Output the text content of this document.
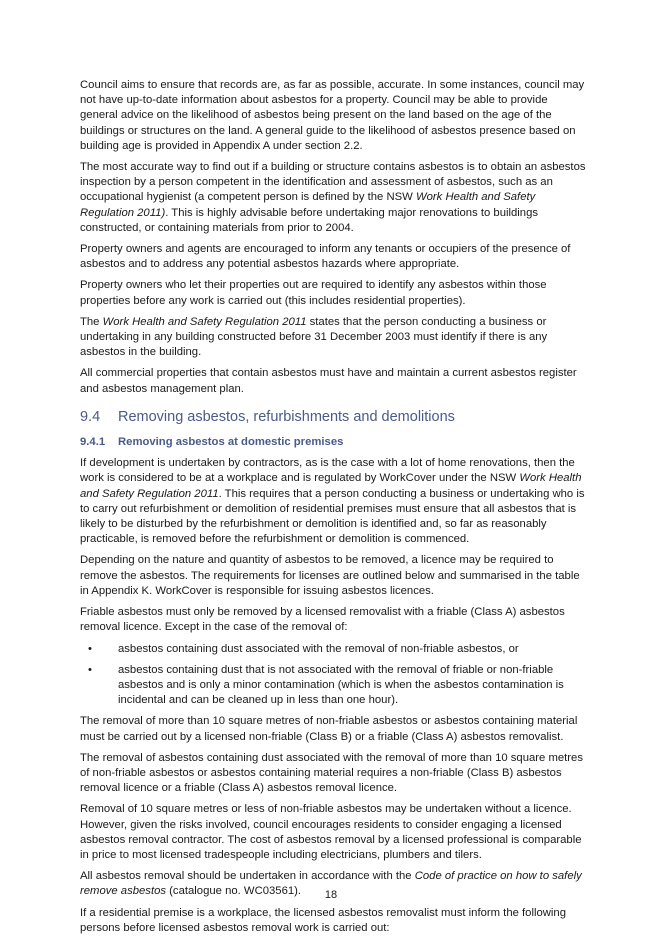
Council aims to ensure that records are, as far as possible, accurate. In some instances, council may not have up-to-date information about asbestos for a property. Council may be able to provide general advice on the likelihood of asbestos being present on the land based on the age of the buildings or structures on the land. A general guide to the likelihood of asbestos presence based on building age is provided in Appendix A under section 2.2.

The most accurate way to find out if a building or structure contains asbestos is to obtain an asbestos inspection by a person competent in the identification and assessment of asbestos, such as an occupational hygienist (a competent person is defined by the NSW Work Health and Safety Regulation 2011). This is highly advisable before undertaking major renovations to buildings constructed, or containing materials from prior to 2004.

Property owners and agents are encouraged to inform any tenants or occupiers of the presence of asbestos and to address any potential asbestos hazards where appropriate.

Property owners who let their properties out are required to identify any asbestos within those properties before any work is carried out (this includes residential properties).

The Work Health and Safety Regulation 2011 states that the person conducting a business or undertaking in any building constructed before 31 December 2003 must identify if there is any asbestos in the building.

All commercial properties that contain asbestos must have and maintain a current asbestos register and asbestos management plan.

9.4	Removing asbestos, refurbishments and demolitions
9.4.1	Removing asbestos at domestic premises

If development is undertaken by contractors, as is the case with a lot of home renovations, then the work is considered to be at a workplace and is regulated by WorkCover under the NSW Work Health and Safety Regulation 2011. This requires that a person conducting a business or undertaking who is to carry out refurbishment or demolition of residential premises must ensure that all asbestos that is likely to be disturbed by the refurbishment or demolition is identified and, so far as reasonably practicable, is removed before the refurbishment or demolition is commenced.

Depending on the nature and quantity of asbestos to be removed, a licence may be required to remove the asbestos. The requirements for licenses are outlined below and summarised in the table in Appendix K. WorkCover is responsible for issuing asbestos licences.

Friable asbestos must only be removed by a licensed removalist with a friable (Class A) asbestos removal licence. Except in the case of the removal of:

•	asbestos containing dust associated with the removal of non-friable asbestos, or
•	asbestos containing dust that is not associated with the removal of friable or non-friable asbestos and is only a minor contamination (which is when the asbestos contamination is incidental and can be cleaned up in less than one hour).

The removal of more than 10 square metres of non-friable asbestos or asbestos containing material must be carried out by a licensed non-friable (Class B) or a friable (Class A) asbestos removalist.

The removal of asbestos containing dust associated with the removal of more than 10 square metres of non-friable asbestos or asbestos containing material requires a non-friable (Class B) asbestos removal licence or a friable (Class A) asbestos removal licence.

Removal of 10 square metres or less of non-friable asbestos may be undertaken without a licence. However, given the risks involved, council encourages residents to consider engaging a licensed asbestos removal contractor. The cost of asbestos removal by a licensed professional is comparable in price to most licensed tradespeople including electricians, plumbers and tilers.

All asbestos removal should be undertaken in accordance with the Code of practice on how to safely remove asbestos (catalogue no. WC03561).

If a residential premise is a workplace, the licensed asbestos removalist must inform the following persons before licensed asbestos removal work is carried out:

18
